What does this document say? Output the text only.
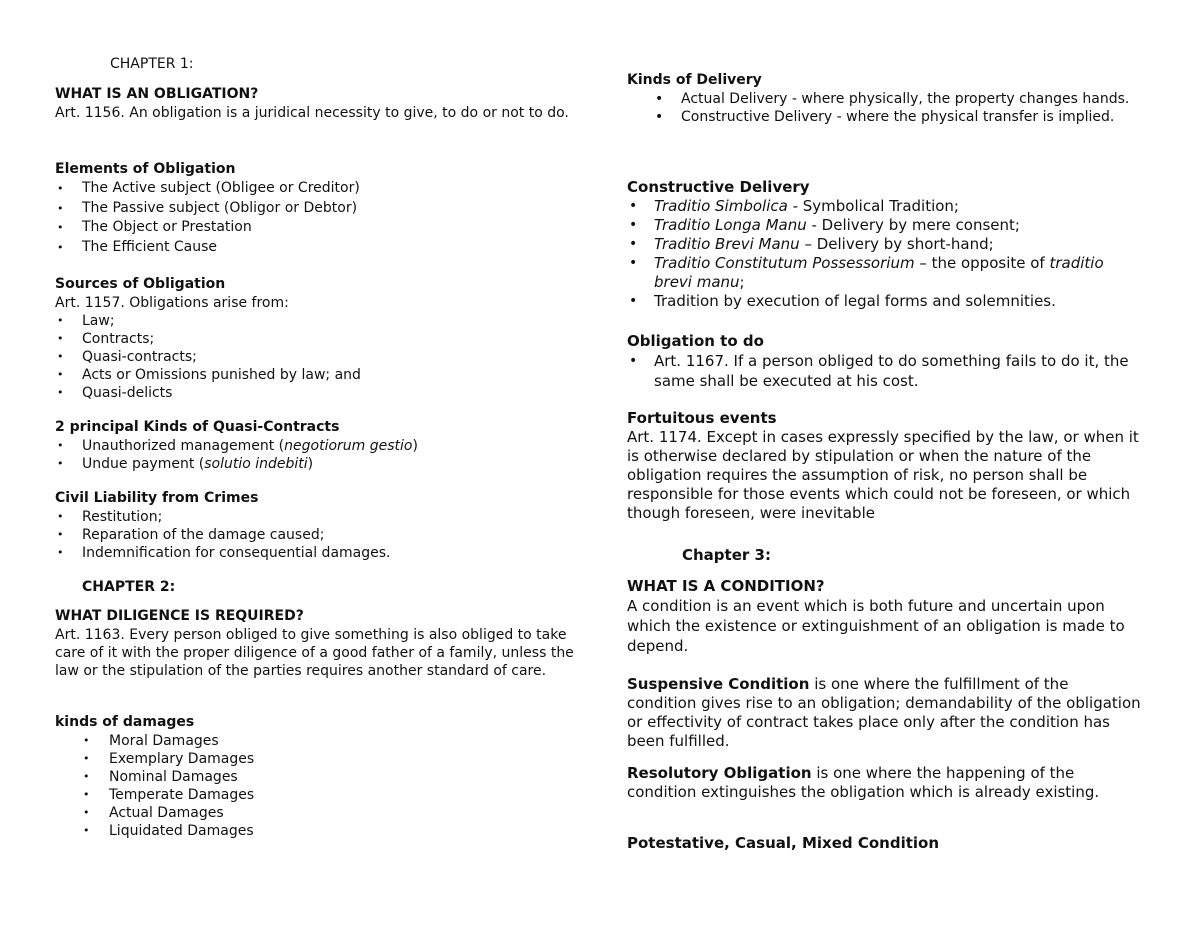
CHAPTER 1:
WHAT IS AN OBLIGATION?

Art. 1156. An obligation is a juridical necessity to give, to do or not to do.

Elements of Obligation
• The Active subject (Obligee or Creditor)
• The Passive subject (Obligor or Debtor)
• The Object or Prestation
• The Efficient Cause
Sources of Obligation

Art. 1157. Obligations arise from:

• Law;
• Contracts;
• Quasi-contracts;
• Acts or Omissions punished by law; and
• Quasi-delicts
2 principal Kinds of Quasi-Contracts
• Unauthorized management (negotiorum gestio)
• Undue payment (solutio indebiti)
Civil Liability from Crimes
• Restitution;
• Reparation of the damage caused;
• Indemnification for consequential damages.
CHAPTER 2:
WHAT DILIGENCE IS REQUIRED?

Art. 1163. Every person obliged to give something is also obliged to take care of it with the proper diligence of a good father of a family, unless the law or the stipulation of the parties requires another standard of care.

kinds of damages
• Moral Damages
• Exemplary Damages
• Nominal Damages
• Temperate Damages
• Actual Damages
• Liquidated Damages
Kinds of Delivery
• Actual Delivery - where physically, the property changes hands.
• Constructive Delivery - where the physical transfer is implied.
Constructive Delivery
• Traditio Simbolica - Symbolical Tradition;
• Traditio Longa Manu - Delivery by mere consent;
• Traditio Brevi Manu – Delivery by short-hand;
• Traditio Constitutum Possessorium – the opposite of traditio brevi manu;
• Tradition by execution of legal forms and solemnities.
Obligation to do
• Art. 1167. If a person obliged to do something fails to do it, the same shall be executed at his cost.
Fortuitous events

Art. 1174. Except in cases expressly specified by the law, or when it is otherwise declared by stipulation or when the nature of the obligation requires the assumption of risk, no person shall be responsible for those events which could not be foreseen, or which though foreseen, were inevitable

Chapter 3:
WHAT IS A CONDITION?

A condition is an event which is both future and uncertain upon which the existence or extinguishment of an obligation is made to depend.

Suspensive Condition is one where the fulfillment of the condition gives rise to an obligation; demandability of the obligation or effectivity of contract takes place only after the condition has been fulfilled.

Resolutory Obligation is one where the happening of the condition extinguishes the obligation which is already existing.

Potestative, Casual, Mixed Condition
